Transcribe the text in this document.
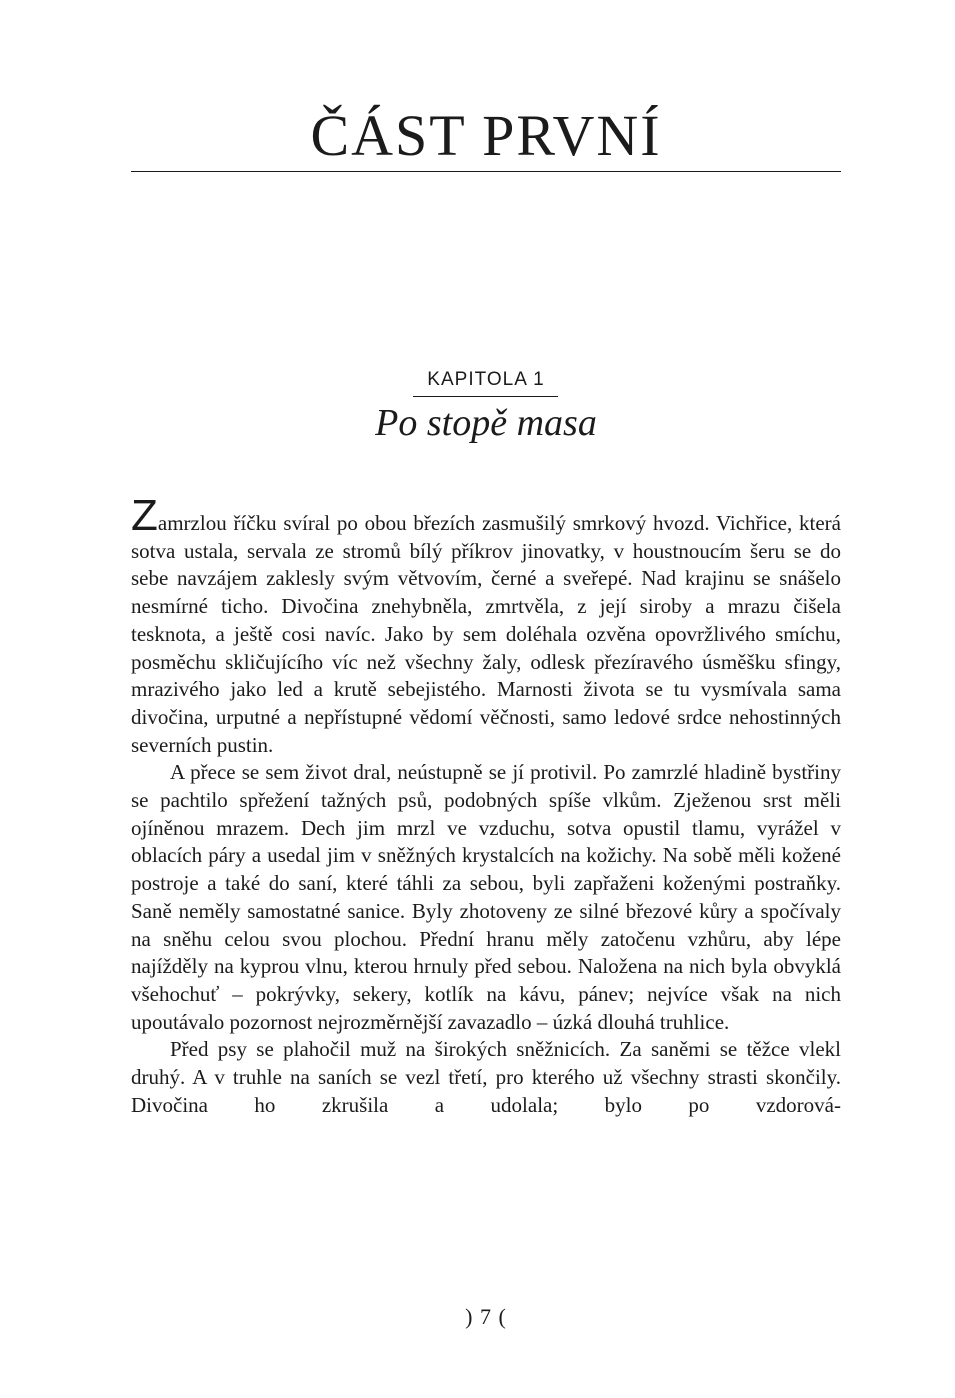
ČÁST PRVNÍ
KAPITOLA 1
Po stopě masa

Zamrzlou říčku svíral po obou březích zasmušilý smrkový hvozd. Vichřice, která sotva ustala, servala ze stromů bílý příkrov jinovatky, v houstnoucím šeru se do sebe navzájem zaklesly svým větvovím, černé a sveřepé. Nad krajinu se snášelo nesmírné ticho. Divočina znehybněla, zmrtvěla, z její siroby a mrazu čišela tesknota, a ještě cosi navíc. Jako by sem doléhala ozvěna opovržlivého smíchu, posměchu skličujícího víc než všechny žaly, odlesk přezíravého úsměšku sfingy, mrazivého jako led a krutě sebejistého. Marnosti života se tu vysmívala sama divočina, urputné a nepřístupné vědomí věčnosti, samo ledové srdce nehostinných severních pustin.

A přece se sem život dral, neústupně se jí protivil. Po zamrzlé hladině bystřiny se pachtilo spřežení tažných psů, podobných spíše vlkům. Zježenou srst měli ojíněnou mrazem. Dech jim mrzl ve vzduchu, sotva opustil tlamu, vyrážel v oblacích páry a usedal jim v sněžných krystalcích na kožichy. Na sobě měli kožené postroje a také do saní, které táhli za sebou, byli zapřaženi koženými postraňky. Saně neměly samostatné sanice. Byly zhotoveny ze silné březové kůry a spočívaly na sněhu celou svou plochou. Přední hranu měly zatočenu vzhůru, aby lépe najížděly na kyprou vlnu, kterou hrnuly před sebou. Naložena na nich byla obvyklá všehochuť – pokrývky, sekery, kotlík na kávu, pánev; nejvíce však na nich upoutávalo pozornost nejrozměrnější zavazadlo – úzká dlouhá truhlice.

Před psy se plahočil muž na širokých sněžnicích. Za saněmi se těžce vlekl druhý. A v truhle na saních se vezl třetí, pro kterého už všechny strasti skončily. Divočina ho zkrušila a udolala; bylo po vzdorová-

) 7 (
